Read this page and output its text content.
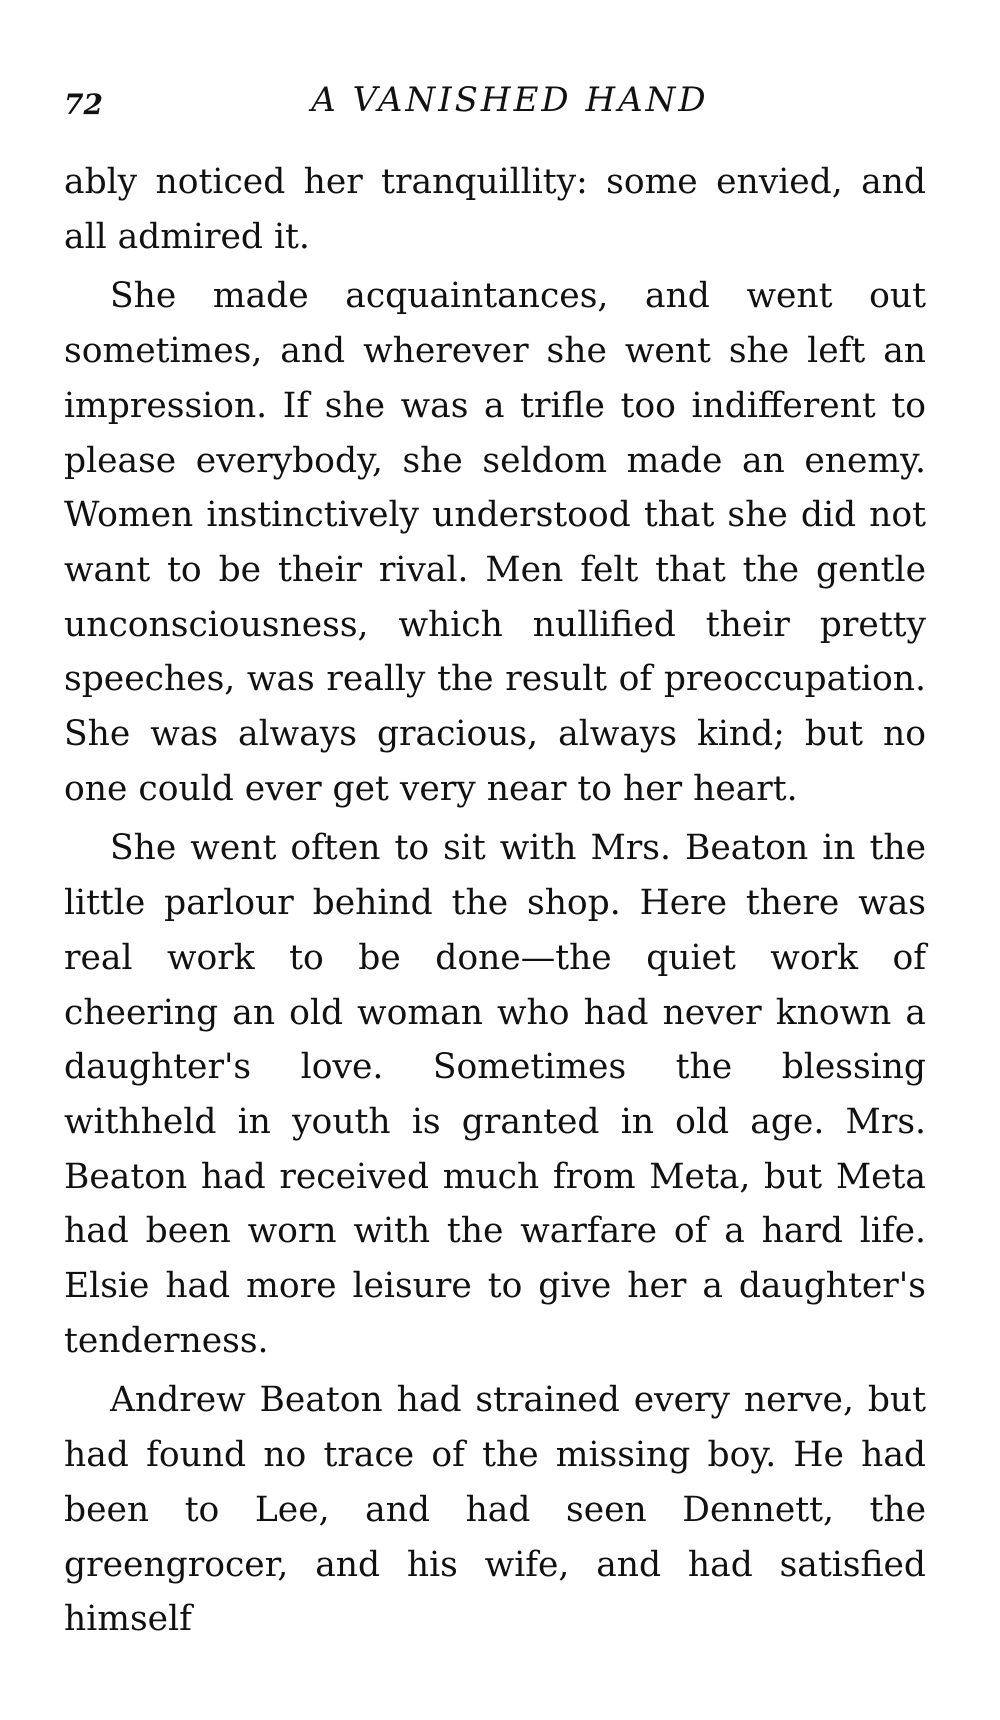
72	A VANISHED HAND

ably noticed her tranquillity: some envied, and all admired it.

She made acquaintances, and went out sometimes, and wherever she went she left an impression. If she was a trifle too indifferent to please everybody, she seldom made an enemy. Women instinctively understood that she did not want to be their rival. Men felt that the gentle unconsciousness, which nullified their pretty speeches, was really the result of preoccupation. She was always gracious, always kind; but no one could ever get very near to her heart.

She went often to sit with Mrs. Beaton in the little parlour behind the shop. Here there was real work to be done—the quiet work of cheering an old woman who had never known a daughter's love. Sometimes the blessing withheld in youth is granted in old age. Mrs. Beaton had received much from Meta, but Meta had been worn with the warfare of a hard life. Elsie had more leisure to give her a daughter's tenderness.

Andrew Beaton had strained every nerve, but had found no trace of the missing boy. He had been to Lee, and had seen Dennett, the greengrocer, and his wife, and had satisfied himself
